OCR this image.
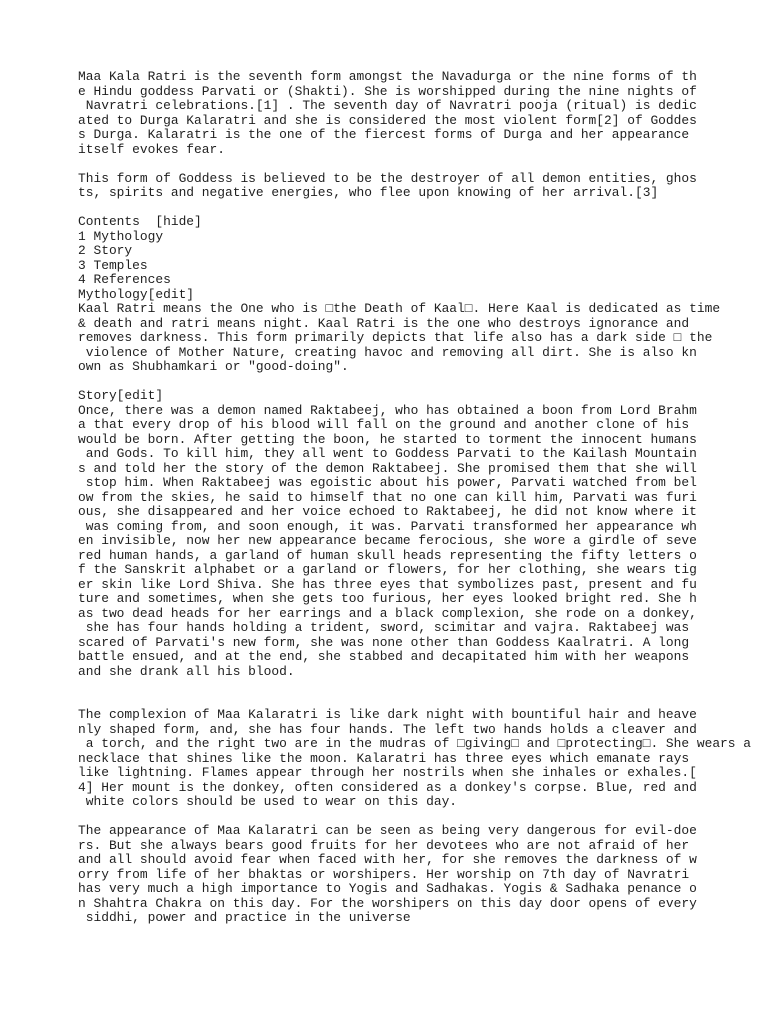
Maa Kala Ratri is the seventh form amongst the Navadurga or the nine forms of th
e Hindu goddess Parvati or (Shakti). She is worshipped during the nine nights of
Navratri celebrations.[1] . The seventh day of Navratri pooja (ritual) is dedic
ated to Durga Kalaratri and she is considered the most violent form[2] of Goddes
s Durga. Kalaratri is the one of the fiercest forms of Durga and her appearance
itself evokes fear.
This form of Goddess is believed to be the destroyer of all demon entities, ghos
ts, spirits and negative energies, who flee upon knowing of her arrival.[3]
Contents  [hide]
1 Mythology
2 Story
3 Temples
4 References
Mythology[edit]
Kaal Ratri means the One who is □the Death of Kaal□. Here Kaal is dedicated as time
& death and ratri means night. Kaal Ratri is the one who destroys ignorance and
removes darkness. This form primarily depicts that life also has a dark side □ the
violence of Mother Nature, creating havoc and removing all dirt. She is also kn
own as Shubhamkari or "good-doing".
Story[edit]
Once, there was a demon named Raktabeej, who has obtained a boon from Lord Brahm
a that every drop of his blood will fall on the ground and another clone of his
would be born. After getting the boon, he started to torment the innocent humans
and Gods. To kill him, they all went to Goddess Parvati to the Kailash Mountain
s and told her the story of the demon Raktabeej. She promised them that she will
stop him. When Raktabeej was egoistic about his power, Parvati watched from bel
ow from the skies, he said to himself that no one can kill him, Parvati was furi
ous, she disappeared and her voice echoed to Raktabeej, he did not know where it
was coming from, and soon enough, it was. Parvati transformed her appearance wh
en invisible, now her new appearance became ferocious, she wore a girdle of seve
red human hands, a garland of human skull heads representing the fifty letters o
f the Sanskrit alphabet or a garland or flowers, for her clothing, she wears tig
er skin like Lord Shiva. She has three eyes that symbolizes past, present and fu
ture and sometimes, when she gets too furious, her eyes looked bright red. She h
as two dead heads for her earrings and a black complexion, she rode on a donkey,
she has four hands holding a trident, sword, scimitar and vajra. Raktabeej was
scared of Parvati's new form, she was none other than Goddess Kaalratri. A long
battle ensued, and at the end, she stabbed and decapitated him with her weapons
and she drank all his blood.
The complexion of Maa Kalaratri is like dark night with bountiful hair and heave
nly shaped form, and, she has four hands. The left two hands holds a cleaver and
a torch, and the right two are in the mudras of □giving□ and □protecting□. She wears a
necklace that shines like the moon. Kalaratri has three eyes which emanate rays
like lightning. Flames appear through her nostrils when she inhales or exhales.[
4] Her mount is the donkey, often considered as a donkey's corpse. Blue, red and
white colors should be used to wear on this day.
The appearance of Maa Kalaratri can be seen as being very dangerous for evil-doe
rs. But she always bears good fruits for her devotees who are not afraid of her
and all should avoid fear when faced with her, for she removes the darkness of w
orry from life of her bhaktas or worshipers. Her worship on 7th day of Navratri
has very much a high importance to Yogis and Sadhakas. Yogis & Sadhaka penance o
n Shahtra Chakra on this day. For the worshipers on this day door opens of every
siddhi, power and practice in the universe
